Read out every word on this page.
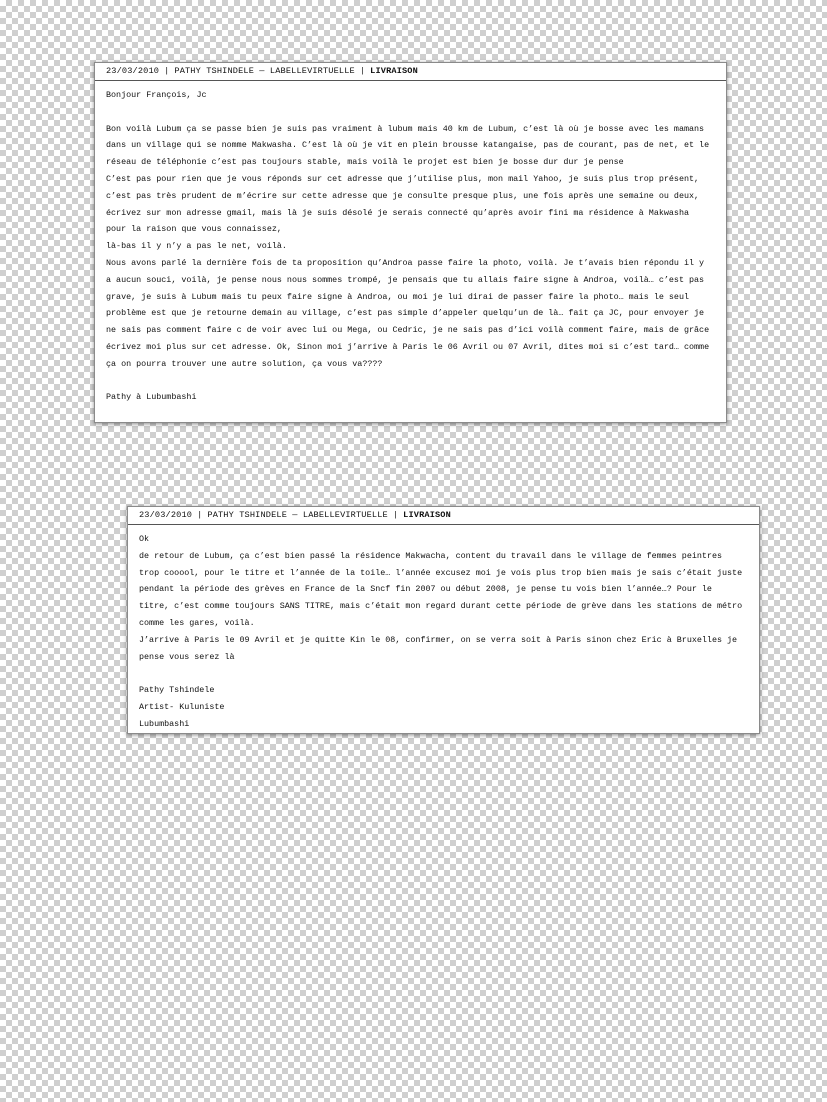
23/03/2010 | PATHY TSHINDELE — LABELLEVIRTUELLE | LIVRAISON

Bonjour François, Jc

Bon voilà Lubum ça se passe bien je suis pas vraiment à lubum mais 40 km de Lubum, c’est là où je bosse avec les mamans dans un village qui se nomme Makwasha. C’est là où je vit en plein brousse katangaise, pas de courant, pas de net, et le réseau de téléphonie c’est pas toujours stable, mais voilà le projet est bien je bosse dur dur je pense

C’est pas pour rien que je vous réponds sur cet adresse que j’utilise plus, mon mail Yahoo, je suis plus trop présent, c’est pas très prudent de m’écrire sur cette adresse que je consulte presque plus, une fois après une semaine ou deux, écrivez sur mon adresse gmail, mais là je suis désolé je serais connecté qu’après avoir fini ma résidence à Makwasha pour la raison que vous connaissez,

là-bas il y n’y a pas le net, voilà.

Nous avons parlé la dernière fois de ta proposition qu’Androa passe faire la photo, voilà. Je t’avais bien répondu il y a aucun souci, voilà, je pense nous nous sommes trompé, je pensais que tu allais faire signe à Androa, voilà… c’est pas grave, je suis à Lubum mais tu peux faire signe à Androa, ou moi je lui dirai de passer faire la photo… mais le seul problème est que je retourne demain au village, c’est pas simple d’appeler quelqu’un de là… fait ça JC, pour envoyer je ne sais pas comment faire c de voir avec lui ou Mega, ou Cedric, je ne sais pas d’ici voilà comment faire, mais de grâce écrivez moi plus sur cet adresse. Ok, Sinon moi j’arrive à Paris le 06 Avril ou 07 Avril, dites moi si c’est tard… comme ça on pourra trouver une autre solution, ça vous va????

Pathy à Lubumbashi

23/03/2010 | PATHY TSHINDELE — LABELLEVIRTUELLE | LIVRAISON

Ok

de retour de Lubum, ça c’est bien passé la résidence Makwacha, content du travail dans le village de femmes peintres trop cooool, pour le titre et l’année de la toile… l’année excusez moi je vois plus trop bien mais je sais c’était juste pendant la période des grèves en France de la Sncf fin 2007 ou début 2008, je pense tu vois bien l’année…? Pour le titre, c’est comme toujours SANS TITRE, mais c’était mon regard durant cette période de grève dans les stations de métro comme les gares, voilà.

J’arrive à Paris le 09 Avril et je quitte Kin le 08, confirmer, on se verra soit à Paris sinon chez Eric à Bruxelles je pense vous serez là

Pathy Tshindele

Artist- Kuluniste

Lubumbashi
